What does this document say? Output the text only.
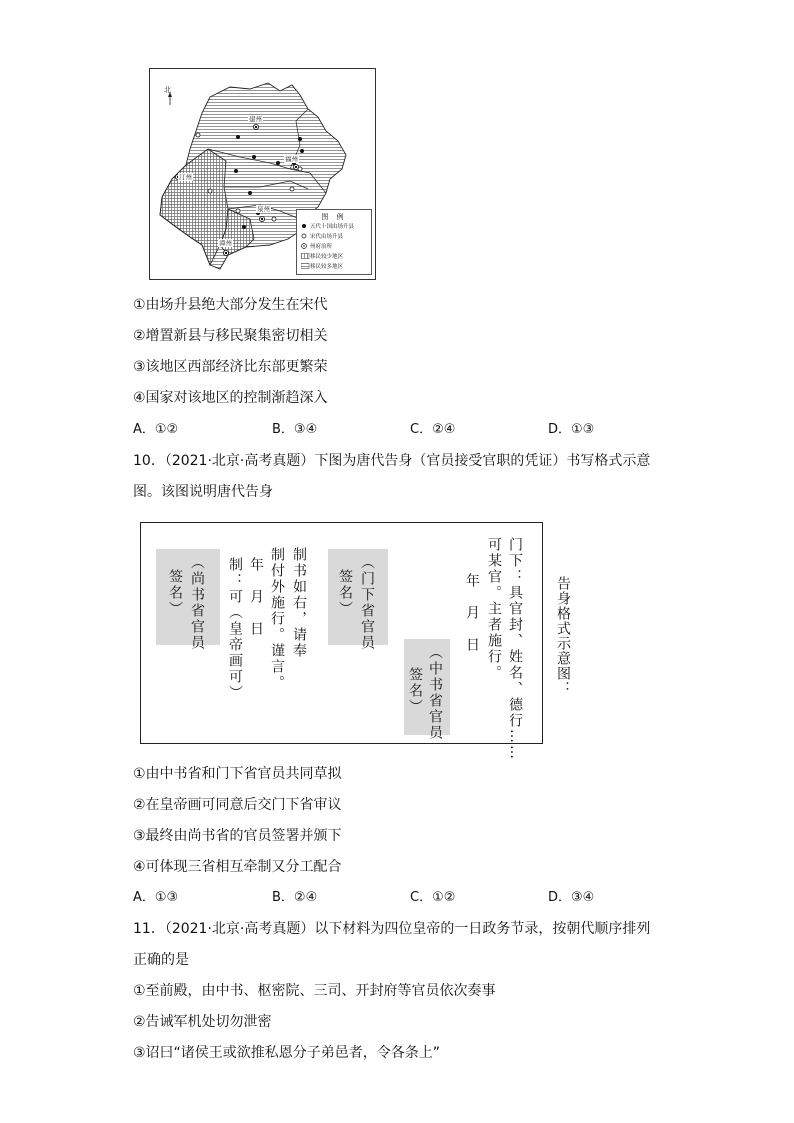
北
建州
汀州
福州
泉州
漳州
图 例
五代十国由场升县
宋代由场升县
州府治所
移民较少地区
移民较多地区
①由场升县绝大部分发生在宋代
②增置新县与移民聚集密切相关
③该地区西部经济比东部更繁荣
④国家对该地区的控制渐趋深入
A．①②	B．③④	C．②④	D．①③
10．（2021·北京·高考真题）下图为唐代告身（官员接受官职的凭证）书写格式示意
图。该图说明唐代告身
门下：具官封、姓名、德行……
可某官。主者施行。
年　月　日
（中书省官员
签名）
（门下省官员
签名）
制书如右，请奉
制付外施行。谨言。
年　月　日
制：可（皇帝画可）
（尚书省官员
签名）	告身格式示意图：
①由中书省和门下省官员共同草拟
②在皇帝画可同意后交门下省审议
③最终由尚书省的官员签署并颁下
④可体现三省相互牵制又分工配合
A．①③	B．②④	C．①②	D．③④
11．（2021·北京·高考真题）以下材料为四位皇帝的一日政务节录，按朝代顺序排列
正确的是
①至前殿，由中书、枢密院、三司、开封府等官员依次奏事
②告诫军机处切勿泄密
③诏曰“诸侯王或欲推私恩分子弟邑者，令各条上”
